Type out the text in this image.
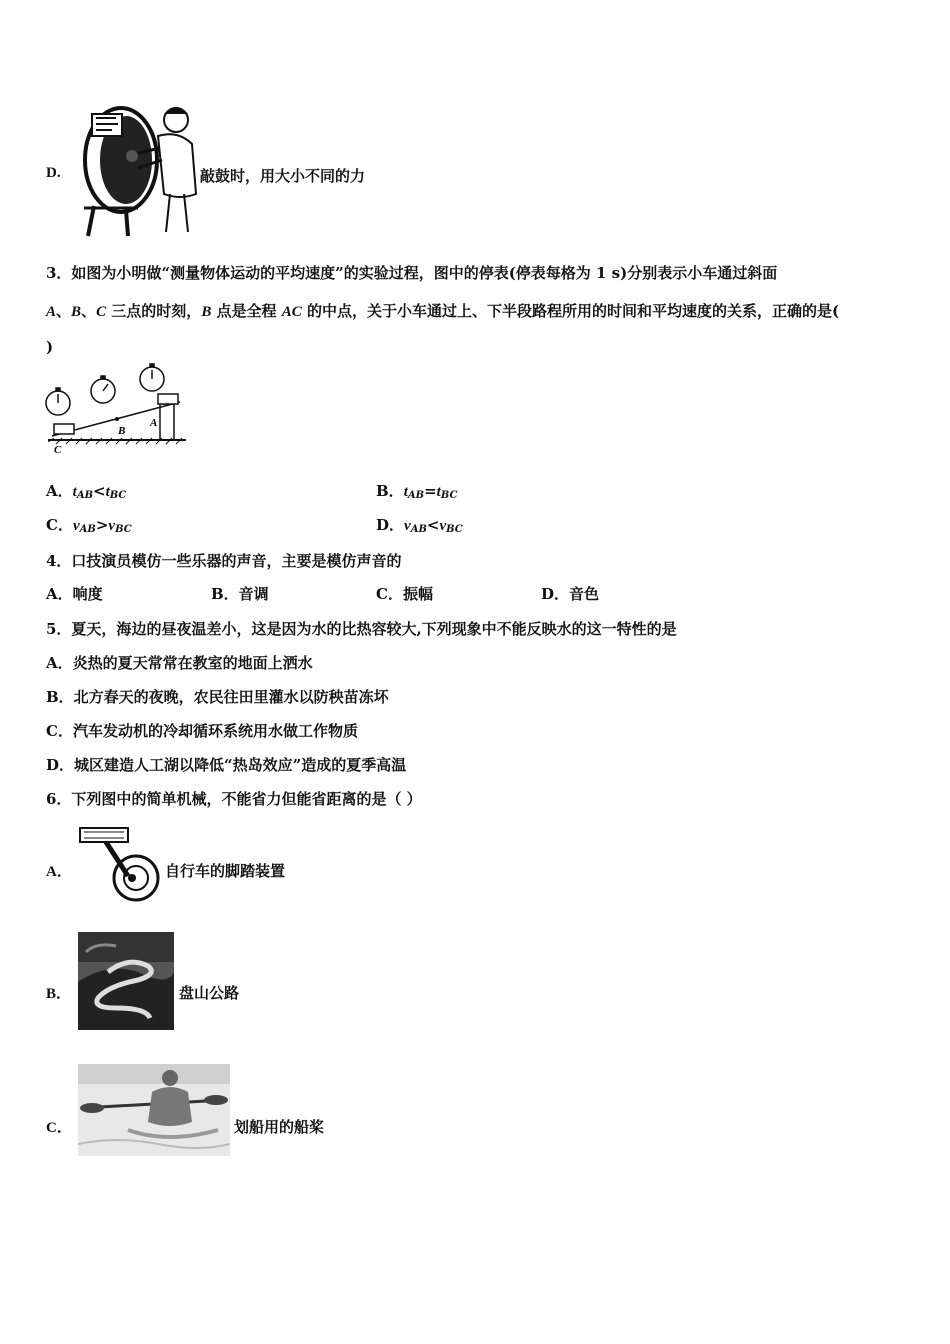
D.	敲鼓时，用大小不同的力
3．如图为小明做“测量物体运动的平均速度”的实验过程，图中的停表(停表每格为 1 s)分别表示小车通过斜面
A、B、C 三点的时刻，B 点是全程 AC 的中点，关于小车通过上、下半段路程所用的时间和平均速度的关系，正确的是(
)
B
A
C
A．$t_{AB}<t_{BC}$	B．$t_{AB}=t_{BC}$
C．$v_{AB}>v_{BC}$	D．$v_{AB}<v_{BC}$
4．口技演员模仿一些乐器的声音，主要是模仿声音的
A．响度	B．音调	C．振幅	D．音色
5．夏天，海边的昼夜温差小，这是因为水的比热容较大,下列现象中不能反映水的这一特性的是
A．炎热的夏天常常在教室的地面上洒水
B．北方春天的夜晚，农民往田里灌水以防秧苗冻坏
C．汽车发动机的冷却循环系统用水做工作物质
D．城区建造人工湖以降低“热岛效应”造成的夏季高温
6．下列图中的简单机械，不能省力但能省距离的是（ ）
A．	自行车的脚踏装置
B．	盘山公路
C．	划船用的船桨
